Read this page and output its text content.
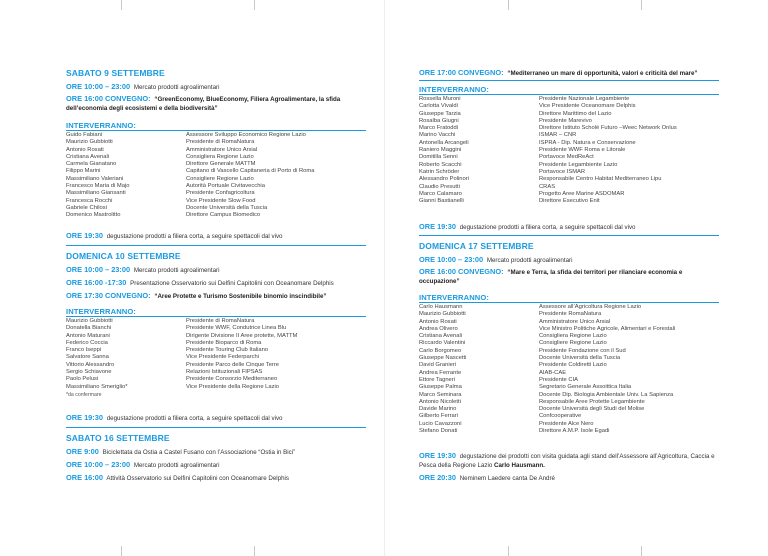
SABATO 9 SETTEMBRE
ORE 10:00 – 23:00 Mercato prodotti agroalimentari
ORE 16:00 CONVEGNO: “GreenEconomy, BlueEconomy, Filiera Agroalimentare, la sfida dell’economia degli ecosistemi e della biodiversità”
INTERVERRANNO:
Guido Fabiani	Assessore Sviluppo Economico Regione Lazio
Maurizio Gubbiotti	Presidente di RomaNatura
Antonio Rosati	Amministratore Unico Arsial
Cristiana Avenali	Consigliera Regione Lazio
Carmela Gianatano	Direttore Generale MATTM
Filippo Marini	Capitano di Vascello Capitaneria di Porto di Roma
Massimiliano Valeriani	Consigliere Regione Lazio
Francesco Maria di Majo	Autorità Portuale Civitavecchia
Massimiliano Giansanti	Presidente Confagricoltura
Francesca Rocchi	Vice Presidente Slow Food
Gabriele Chilosi	Docente Università della Tuscia
Domenico Mastrolitto	Direttore Campus Biomedico
ORE 19:30 degustazione prodotti a filiera corta, a seguire spettacoli dal vivo
DOMENICA 10 SETTEMBRE
ORE 10:00 – 23:00 Mercato prodotti agroalimentari
ORE 16:00 -17:30 Presentazione Osservatorio sui Delfini Capitolini con Oceanomare Delphis
ORE 17:30 CONVEGNO: “Aree Protette e Turismo Sostenibile binomio inscindibile”
INTERVERRANNO:
Maurizio Gubbiotti	Presidente di RomaNatura
Donatella Bianchi	Presidente WWF, Condutrice Linea Blu
Antonio Maturani	Dirigente Divisione II Aree protette, MATTM
Federico Coccia	Presidente Bioparco di Roma
Franco Iseppi	Presidente Touring Club Italiano
Salvatore Sanna	Vice Presidente Federparchi
Vittorio Alessandro	Presidente Parco delle Cinque Terre
Sergio Schiavone	Relazioni Istituzionali FIPSAS
Paolo Pelusi	Presidente Consorzio Mediterraneo
Massimiliano Smeriglio*	Vice Presidente della Regione Lazio
*da confermare
ORE 19:30 degustazione prodotti a filiera corta, a seguire spettacoli dal vivo
SABATO 16 SETTEMBRE
ORE 9:00 Biciclettata da Ostia a Castel Fusano con l’Associazione “Ostia in Bici”
ORE 10:00 – 23:00 Mercato prodotti agroalimentari
ORE 16:00 Attività Osservatorio sui Delfini Capitolini con Oceanomare Delphis
ORE 17:00 CONVEGNO: “Mediterraneo un mare di opportunità, valori e criticità del mare”
INTERVERRANNO:
Rossella Muroni	Presidente Nazionale Legambiente
Carlotta Vivaldi	Vice Presidente Oceanomare Delphis
Giuseppe Tarzia	Direttore Marittimo del Lazio
Rosalba Giugni	Presidente Marevivo
Marco Fratoddi	Direttore Istituto Scholé Futuro –Weec Network Onlus
Marino Vacchi	ISMAR – CNR
Antonella Arcangeli	ISPRA - Dip. Natura e Conservazione
Raniero Maggini	Presidente WWF Roma e Litorale
Domitilla Senni	Portavoce MedReAct
Roberto Scacchi	Presidente Legambiente Lazio
Katrin Schröder	Portavoce ISMAR
Alessandro Polinori	Responsabile Centro Habitat Mediterraneo Lipu
Claudio Presutti	CRAS
Marco Calamaro	Progetto Aree Marine ASDOMAR
Gianni Bastianelli	Direttore Esecutivo Enit
ORE 19:30 degustazione prodotti a filiera corta, a seguire spettacoli dal vivo
DOMENICA 17 SETTEMBRE
ORE 10:00 – 23:00 Mercato prodotti agroalimentari
ORE 16:00 CONVEGNO: “Mare e Terra, la sfida dei territori per rilanciare economia e occupazione”
INTERVERRANNO:
Carlo Hausmann	Assessore all’Agricoltura Regione Lazio
Maurizio Gubbiotti	Presidente RomaNatura
Antonio Rosati	Amministratore Unico Arsial
Andrea Olivero	Vice Ministro Politiche Agricole, Alimentari e Forestali
Cristiana Avenali	Consigliera Regione Lazio
Riccardo Valentini	Consigliere Regione Lazio
Carlo Borgomeo	Presidente Fondazione con il Sud
Giuseppe Nascetti	Docente Università della Tuscia
David Granieri	Presidente Coldiretti Lazio
Andrea Ferrante	AIAB-CAE
Ettore Tagneri	Presidente CIA
Giuseppe Palma	Segretario Generale Assoittica Italia
Marco Seminara	Docente Dip. Biologia Ambientale Univ. La Sapienza
Antonio Nicoletti	Responsabile Aree Protette Legambiente
Davide Marino	Docente Università degli Studi del Molise
Gilberto Ferrari	Confcooperative
Lucio Cavazzoni	Presidente Alce Nero
Stefano Donati	Direttore A.M.P. Isole Egadi
ORE 19:30 degustazione dei prodotti con visita guidata agli stand dell’Assessore all’Agricoltura, Caccia e Pesca della Regione Lazio Carlo Hausmann.
ORE 20:30 Neminem Laedere canta De André
